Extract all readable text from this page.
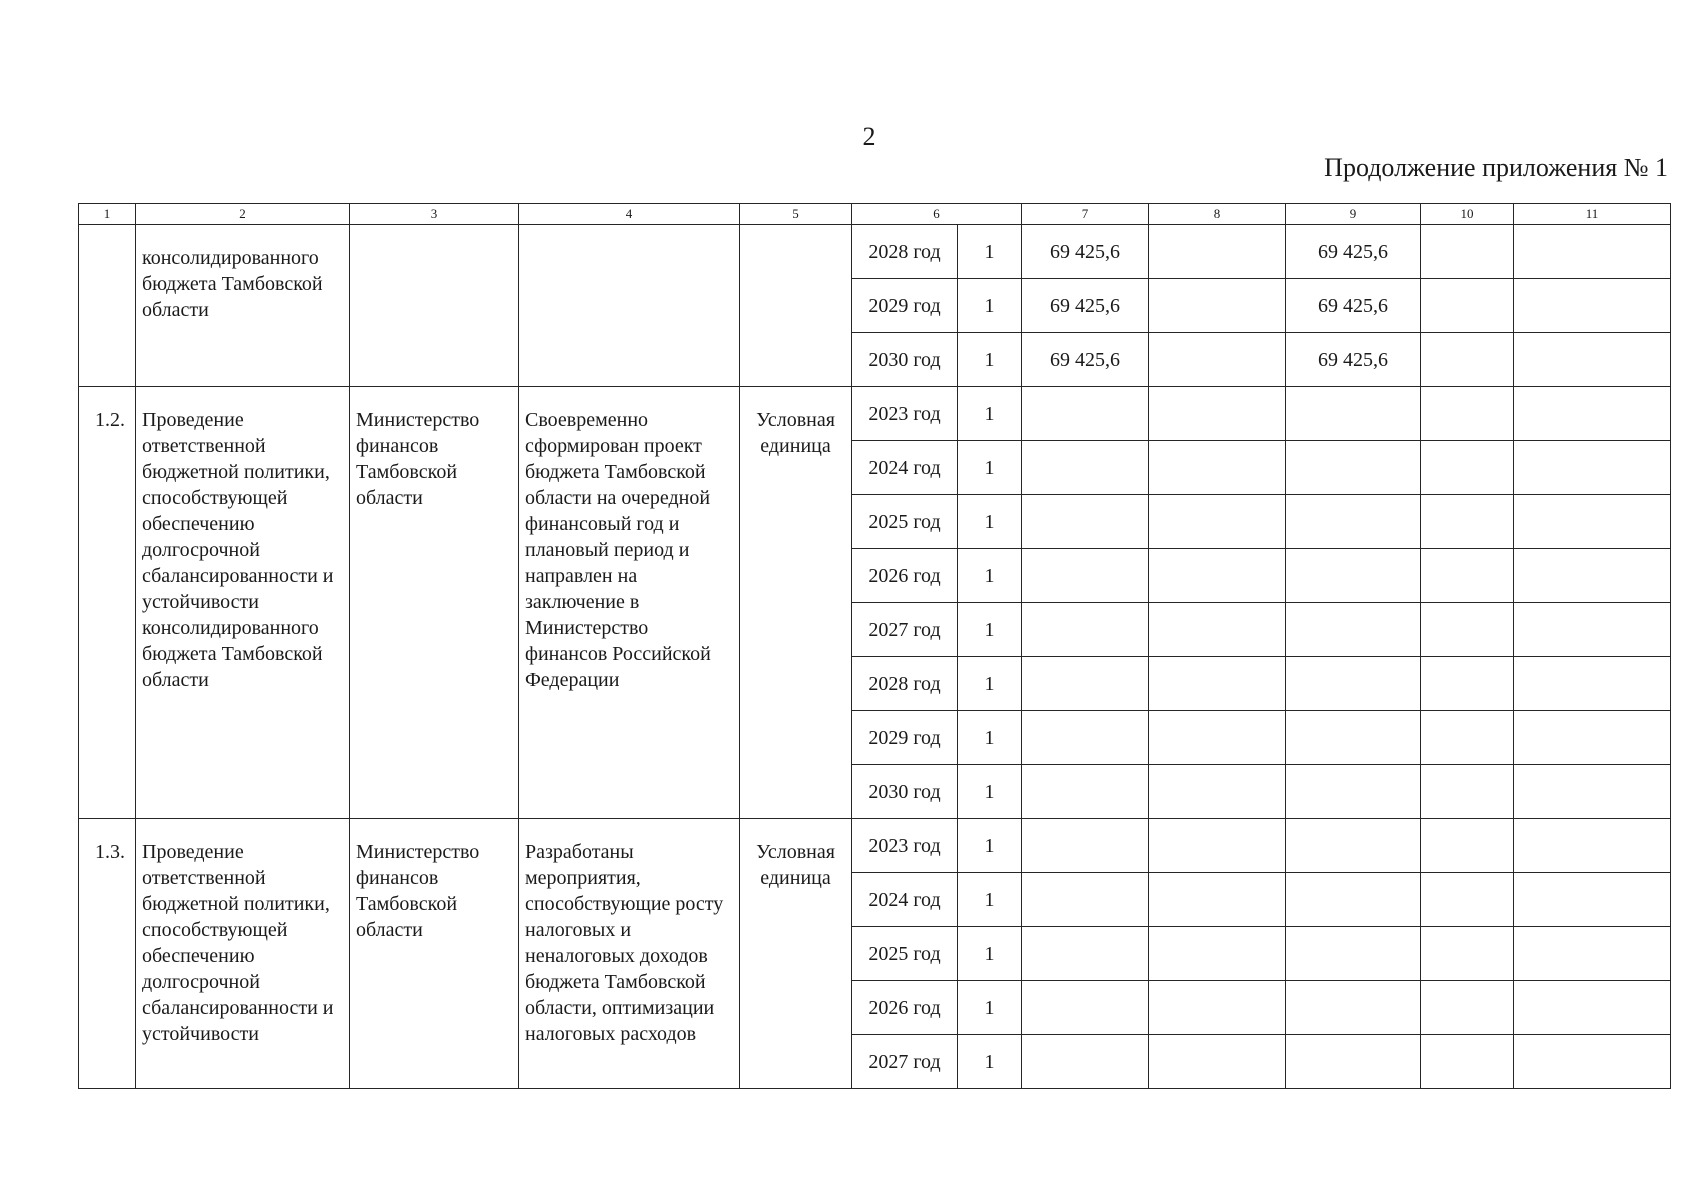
2
Продолжение приложения № 1
1	2	3	4	5	6		7	8	9	10	11
	консолидированного бюджета Тамбовской области				2028 год	1	69 425,6		69 425,6		
					2029 год	1	69 425,6		69 425,6		
					2030 год	1	69 425,6		69 425,6		
1.2.	Проведение ответственной бюджетной политики, способствующей обеспечению долгосрочной сбалансированности и устойчивости консолидированного бюджета Тамбовской области	Министерство финансов Тамбовской области	Своевременно сформирован проект бюджета Тамбовской области на очередной финансовый год и плановый период и направлен на заключение в Министерство финансов Российской Федерации	Условная единица	2023 год	1					
					2024 год	1					
					2025 год	1					
					2026 год	1					
					2027 год	1					
					2028 год	1					
					2029 год	1					
					2030 год	1					
1.3.	Проведение ответственной бюджетной политики, способствующей обеспечению долгосрочной сбалансированности и устойчивости	Министерство финансов Тамбовской области	Разработаны мероприятия, способствующие росту налоговых и неналоговых доходов бюджета Тамбовской области, оптимизации налоговых расходов	Условная единица	2023 год	1					
					2024 год	1					
					2025 год	1					
					2026 год	1					
					2027 год	1					
